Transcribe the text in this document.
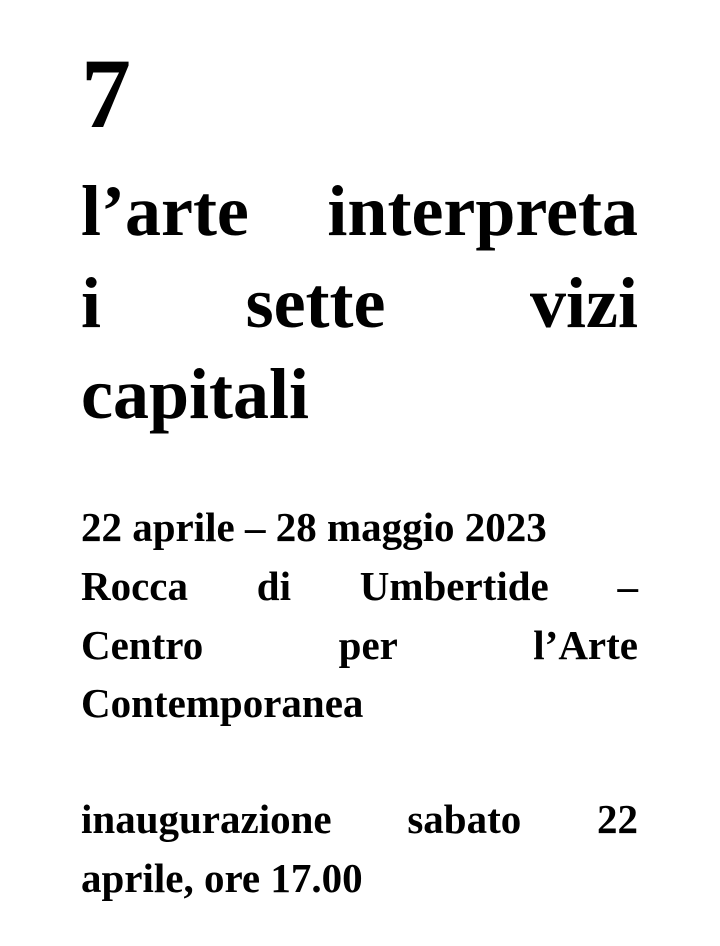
7
l’arte interpreta
i sette vizi
capitali
22 aprile – 28 maggio 2023
Rocca di Umbertide –
Centro	per	l’Arte
Contemporanea
inaugurazione sabato 22
aprile, ore 17.00
